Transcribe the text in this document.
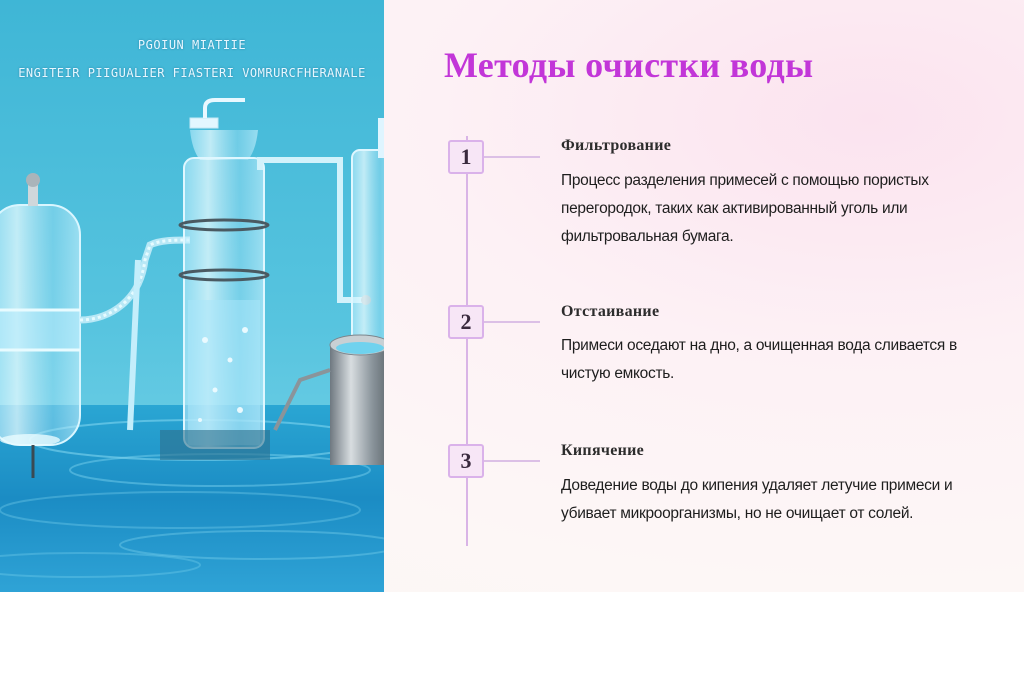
PGOIUN MIATIIE
ENGITEIR PIIGUALIER FIASTERI VOMRURCFHERANALE	Методы очистки воды
1	Фильтрование
Процесс разделения примесей с помощью пористых перегородок, таких как активированный уголь или фильтровальная бумага.
2	Отстаивание
Примеси оседают на дно, а очищенная вода сливается в чистую емкость.
3	Кипячение
Доведение воды до кипения удаляет летучие примеси и убивает микроорганизмы, но не очищает от солей.
